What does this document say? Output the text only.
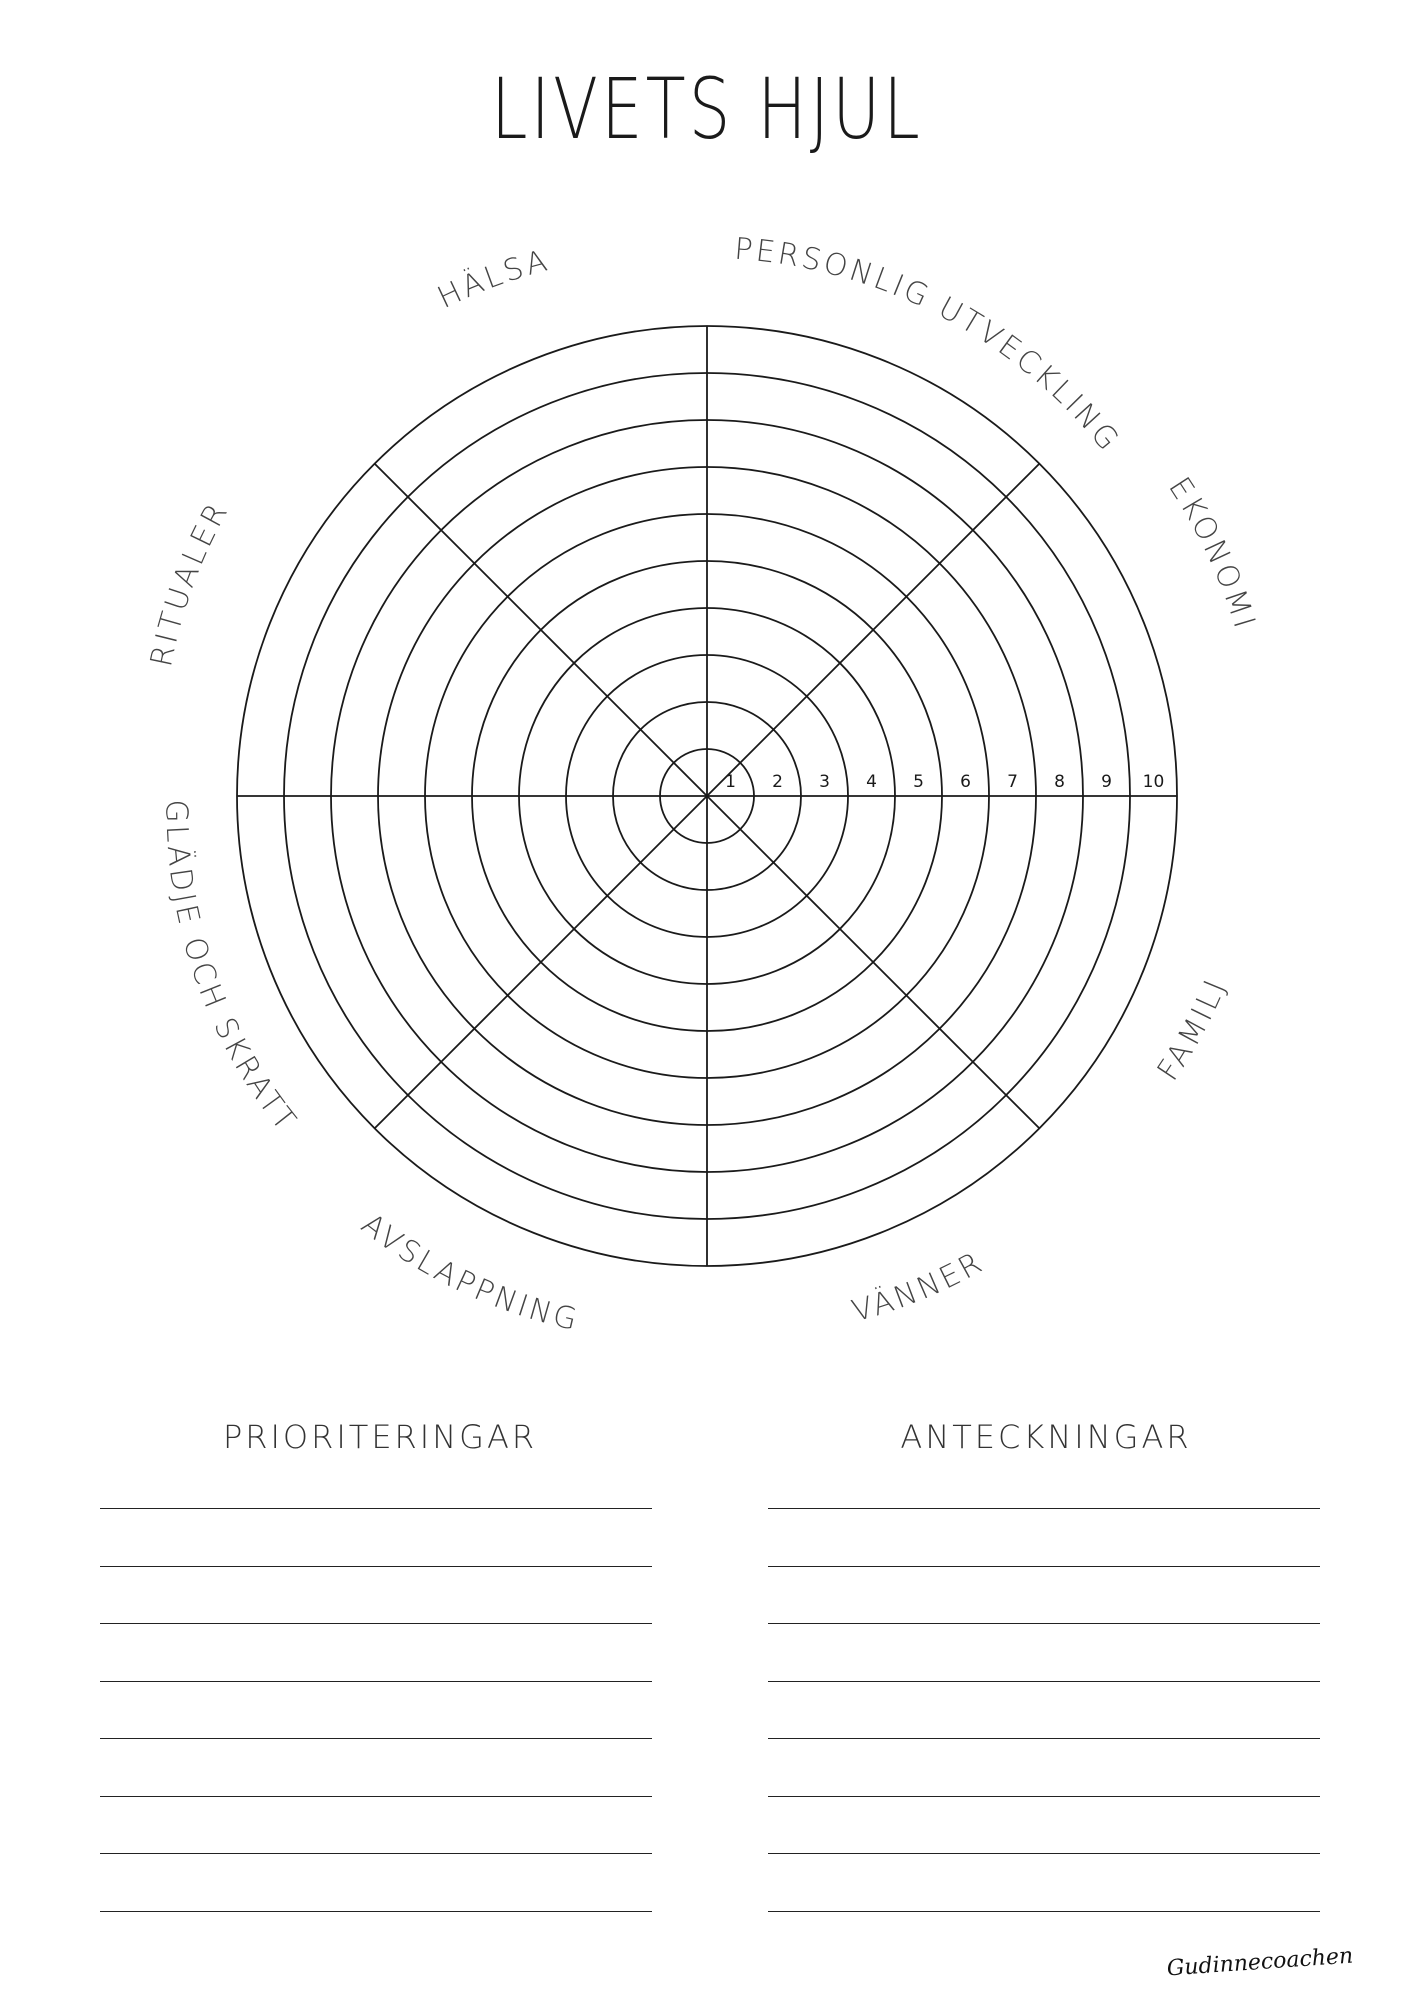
LIVETS HJUL
1 2 3 4 5 6 7 8 9 10
PERSONLIG UTVECKLING
EKONOMI
FAMILJ
VÄNNER
AVSLAPPNING
GLÄDJE OCH SKRATT
RITUALER
HÄLSA
PRIORITERINGAR	ANTECKNINGAR
Gudinnecoachen
